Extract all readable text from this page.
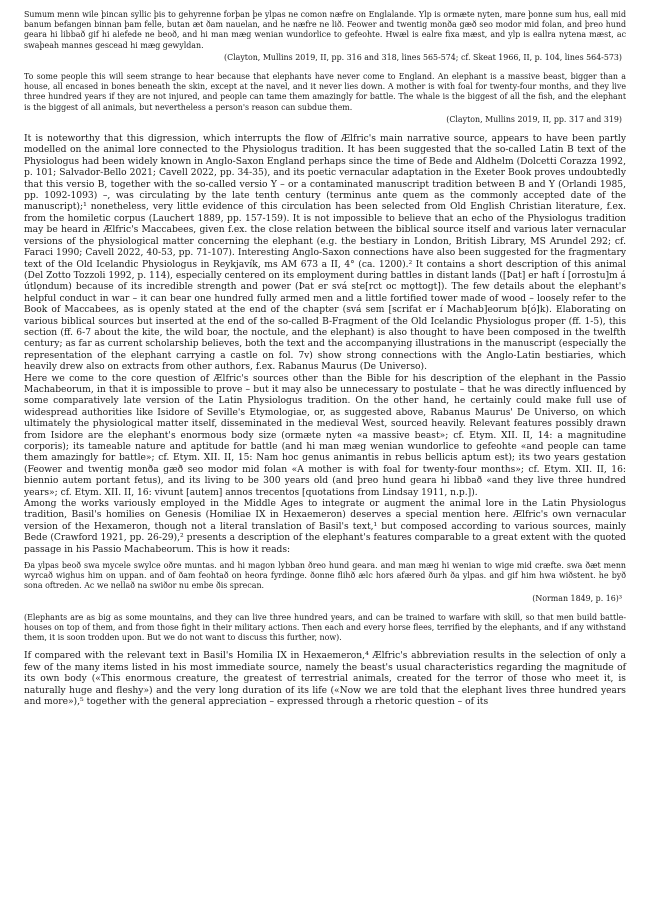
Sumum menn wile þincan syllic þis to gehyrenne forþan þe ylpas ne comon næfre on Englalande. Ylp is ormæte nyten, mare þonne sum hus, eall mid banum befangen binnan þam felle, butan æt ðam nauelan, and he næfre ne lið. Feower and twentig monða gæð seo modor mid folan, and þreo hund geara hi libbað gif hi alefede ne beoð, and hi man mæg wenian wundorlice to gefeohte. Hwæl is ealre fixa mæst, and ylp is eallra nytena mæst, ac swaþeah mannes gescead hi mæg gewyldan.

(Clayton, Mullins 2019, II, pp. 316 and 318, lines 565-574; cf. Skeat 1966, II, p. 104, lines 564-573)

To some people this will seem strange to hear because that elephants have never come to England. An elephant is a massive beast, bigger than a house, all encased in bones beneath the skin, except at the navel, and it never lies down. A mother is with foal for twenty-four months, and they live three hundred years if they are not injured, and people can tame them amazingly for battle. The whale is the biggest of all the fish, and the elephant is the biggest of all animals, but nevertheless a person's reason can subdue them.

(Clayton, Mullins 2019, II, pp. 317 and 319)

It is noteworthy that this digression, which interrupts the flow of Ælfric's main narrative source, appears to have been partly modelled on the animal lore connected to the Physiologus tradition. It has been suggested that the so-called Latin B text of the Physiologus had been widely known in Anglo-Saxon England perhaps since the time of Bede and Aldhelm (Dolcetti Corazza 1992, p. 101; Salvador-Bello 2021; Cavell 2022, pp. 34-35), and its poetic vernacular adaptation in the Exeter Book proves undoubtedly that this versio B, together with the so-called versio Y – or a contaminated manuscript tradition between B and Y (Orlandi 1985, pp. 1092-1093) –, was circulating by the late tenth century (terminus ante quem as the commonly accepted date of the manuscript);¹ nonetheless, very little evidence of this circulation has been selected from Old English Christian literature, f.ex. from the homiletic corpus (Lauchert 1889, pp. 157-159). It is not impossible to believe that an echo of the Physiologus tradition may be heard in Ælfric's Maccabees, given f.ex. the close relation between the biblical source itself and various later vernacular versions of the physiological matter concerning the elephant (e.g. the bestiary in London, British Library, MS Arundel 292; cf. Faraci 1990; Cavell 2022, 40-53, pp. 71-107). Interesting Anglo-Saxon connections have also been suggested for the fragmentary text of the Old Icelandic Physiologus in Reykjavík, ms AM 673 a II, 4° (ca. 1200).² It contains a short description of this animal (Del Zotto Tozzoli 1992, p. 114), especially centered on its employment during battles in distant lands ([Þat] er haft í [orrostu]m á útlǫndum) because of its incredible strength and power (Þat er svá ste[rct oc mǫttogt]). The few details about the elephant's helpful conduct in war – it can bear one hundred fully armed men and a little fortified tower made of wood – loosely refer to the Book of Maccabees, as is openly stated at the end of the chapter (svá sem [scrifat er í Machab]eorum b[ó]k). Elaborating on various biblical sources but inserted at the end of the so-called B-Fragment of the Old Icelandic Physiologus proper (ff. 1-5), this section (ff. 6-7 about the kite, the wild boar, the noctule, and the elephant) is also thought to have been composed in the twelfth century; as far as current scholarship believes, both the text and the accompanying illustrations in the manuscript (especially the representation of the elephant carrying a castle on fol. 7v) show strong connections with the Anglo-Latin bestiaries, which heavily drew also on extracts from other authors, f.ex. Rabanus Maurus (De Universo).

Here we come to the core question of Ælfric's sources other than the Bible for his description of the elephant in the Passio Machabeorum, in that it is impossible to prove – but it may also be unnecessary to postulate – that he was directly influenced by some comparatively late version of the Latin Physiologus tradition. On the other hand, he certainly could make full use of widespread authorities like Isidore of Seville's Etymologiae, or, as suggested above, Rabanus Maurus' De Universo, on which ultimately the physiological matter itself, disseminated in the medieval West, sourced heavily. Relevant features possibly drawn from Isidore are the elephant's enormous body size (ormæte nyten «a massive beast»; cf. Etym. XII. II, 14: a magnitudine corporis); its tameable nature and aptitude for battle (and hi man mæg wenian wundorlice to gefeohte «and people can tame them amazingly for battle»; cf. Etym. XII. II, 15: Nam hoc genus animantis in rebus bellicis aptum est); its two years gestation (Feower and twentig monða gæð seo modor mid folan «A mother is with foal for twenty-four months»; cf. Etym. XII. II, 16: biennio autem portant fetus), and its living to be 300 years old (and þreo hund geara hi libbað «and they live three hundred years»; cf. Etym. XII. II, 16: vivunt [autem] annos trecentos [quotations from Lindsay 1911, n.p.]).

Among the works variously employed in the Middle Ages to integrate or augment the animal lore in the Latin Physiologus tradition, Basil's homilies on Genesis (Homiliae IX in Hexaemeron) deserves a special mention here. Ælfric's own vernacular version of the Hexameron, though not a literal translation of Basil's text,¹ but composed according to various sources, mainly Bede (Crawford 1921, pp. 26-29),² presents a description of the elephant's features comparable to a great extent with the quoted passage in his Passio Machabeorum. This is how it reads:

Ða ylpas beoð swa mycele swylce oðre muntas. and hi magon lybban ðreo hund geara. and man mæg hi wenian to wige mid cræfte. swa ðæt menn wyrcað wighus him on uppan. and of ðam feohtað on heora fyrdinge. ðonne flihð ælc hors afæred ðurh ða ylpas. and gif him hwa wiðstent. he byð sona oftreden. Ac we nellað na swiðor nu embe ðis sprecan.

(Norman 1849, p. 16)³

(Elephants are as big as some mountains, and they can live three hundred years, and can be trained to warfare with skill, so that men build battle-houses on top of them, and from those fight in their military actions. Then each and every horse flees, terrified by the elephants, and if any withstand them, it is soon trodden upon. But we do not want to discuss this further, now).

If compared with the relevant text in Basil's Homilia IX in Hexaemeron,⁴ Ælfric's abbreviation results in the selection of only a few of the many items listed in his most immediate source, namely the beast's usual characteristics regarding the magnitude of its own body («This enormous creature, the greatest of terrestrial animals, created for the terror of those who meet it, is naturally huge and fleshy») and the very long duration of its life («Now we are told that the elephant lives three hundred years and more»),⁵ together with the general appreciation – expressed through a rhetoric question – of its
